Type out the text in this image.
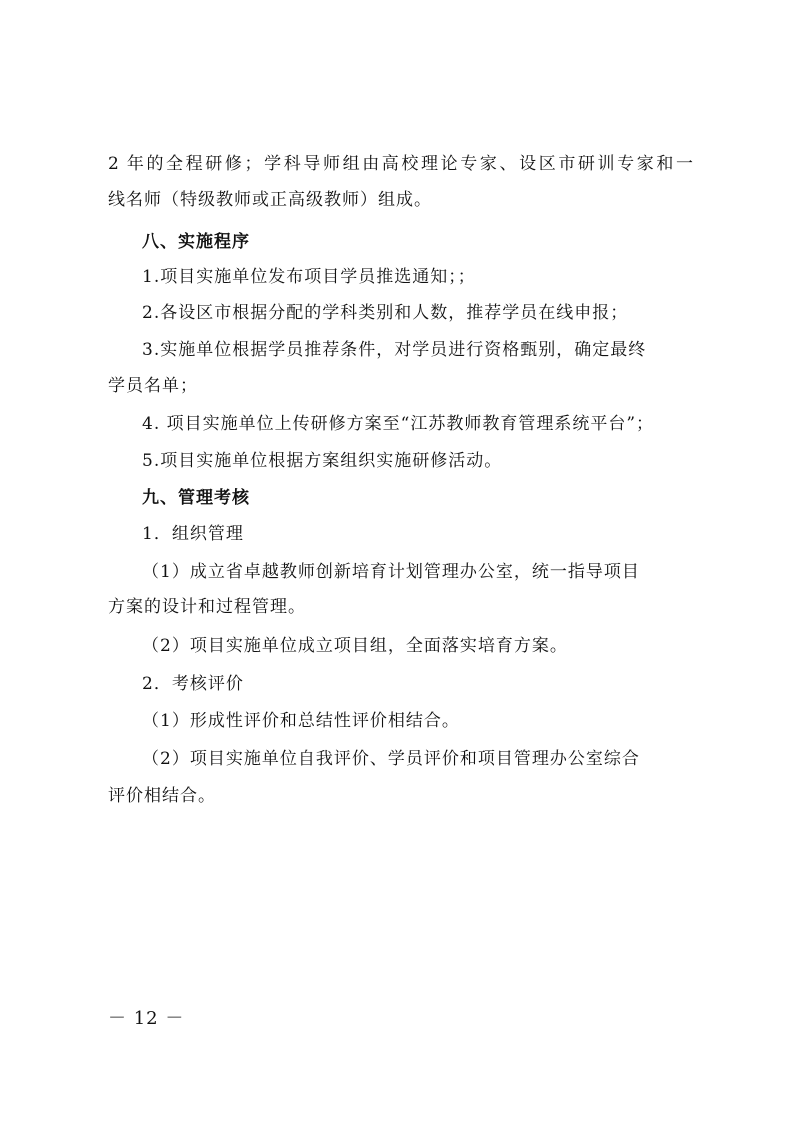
2 年的全程研修；学科导师组由高校理论专家、设区市研训专家和一
线名师（特级教师或正高级教师）组成。
八、实施程序
1.项目实施单位发布项目学员推选通知；；
2.各设区市根据分配的学科类别和人数，推荐学员在线申报；
3.实施单位根据学员推荐条件，对学员进行资格甄别，确定最终
学员名单；
4. 项目实施单位上传研修方案至“江苏教师教育管理系统平台”；
5.项目实施单位根据方案组织实施研修活动。
九、管理考核
1．组织管理
（1）成立省卓越教师创新培育计划管理办公室，统一指导项目
方案的设计和过程管理。
（2）项目实施单位成立项目组，全面落实培育方案。
2．考核评价
（1）形成性评价和总结性评价相结合。
（2）项目实施单位自我评价、学员评价和项目管理办公室综合
评价相结合。
－ 12 －
